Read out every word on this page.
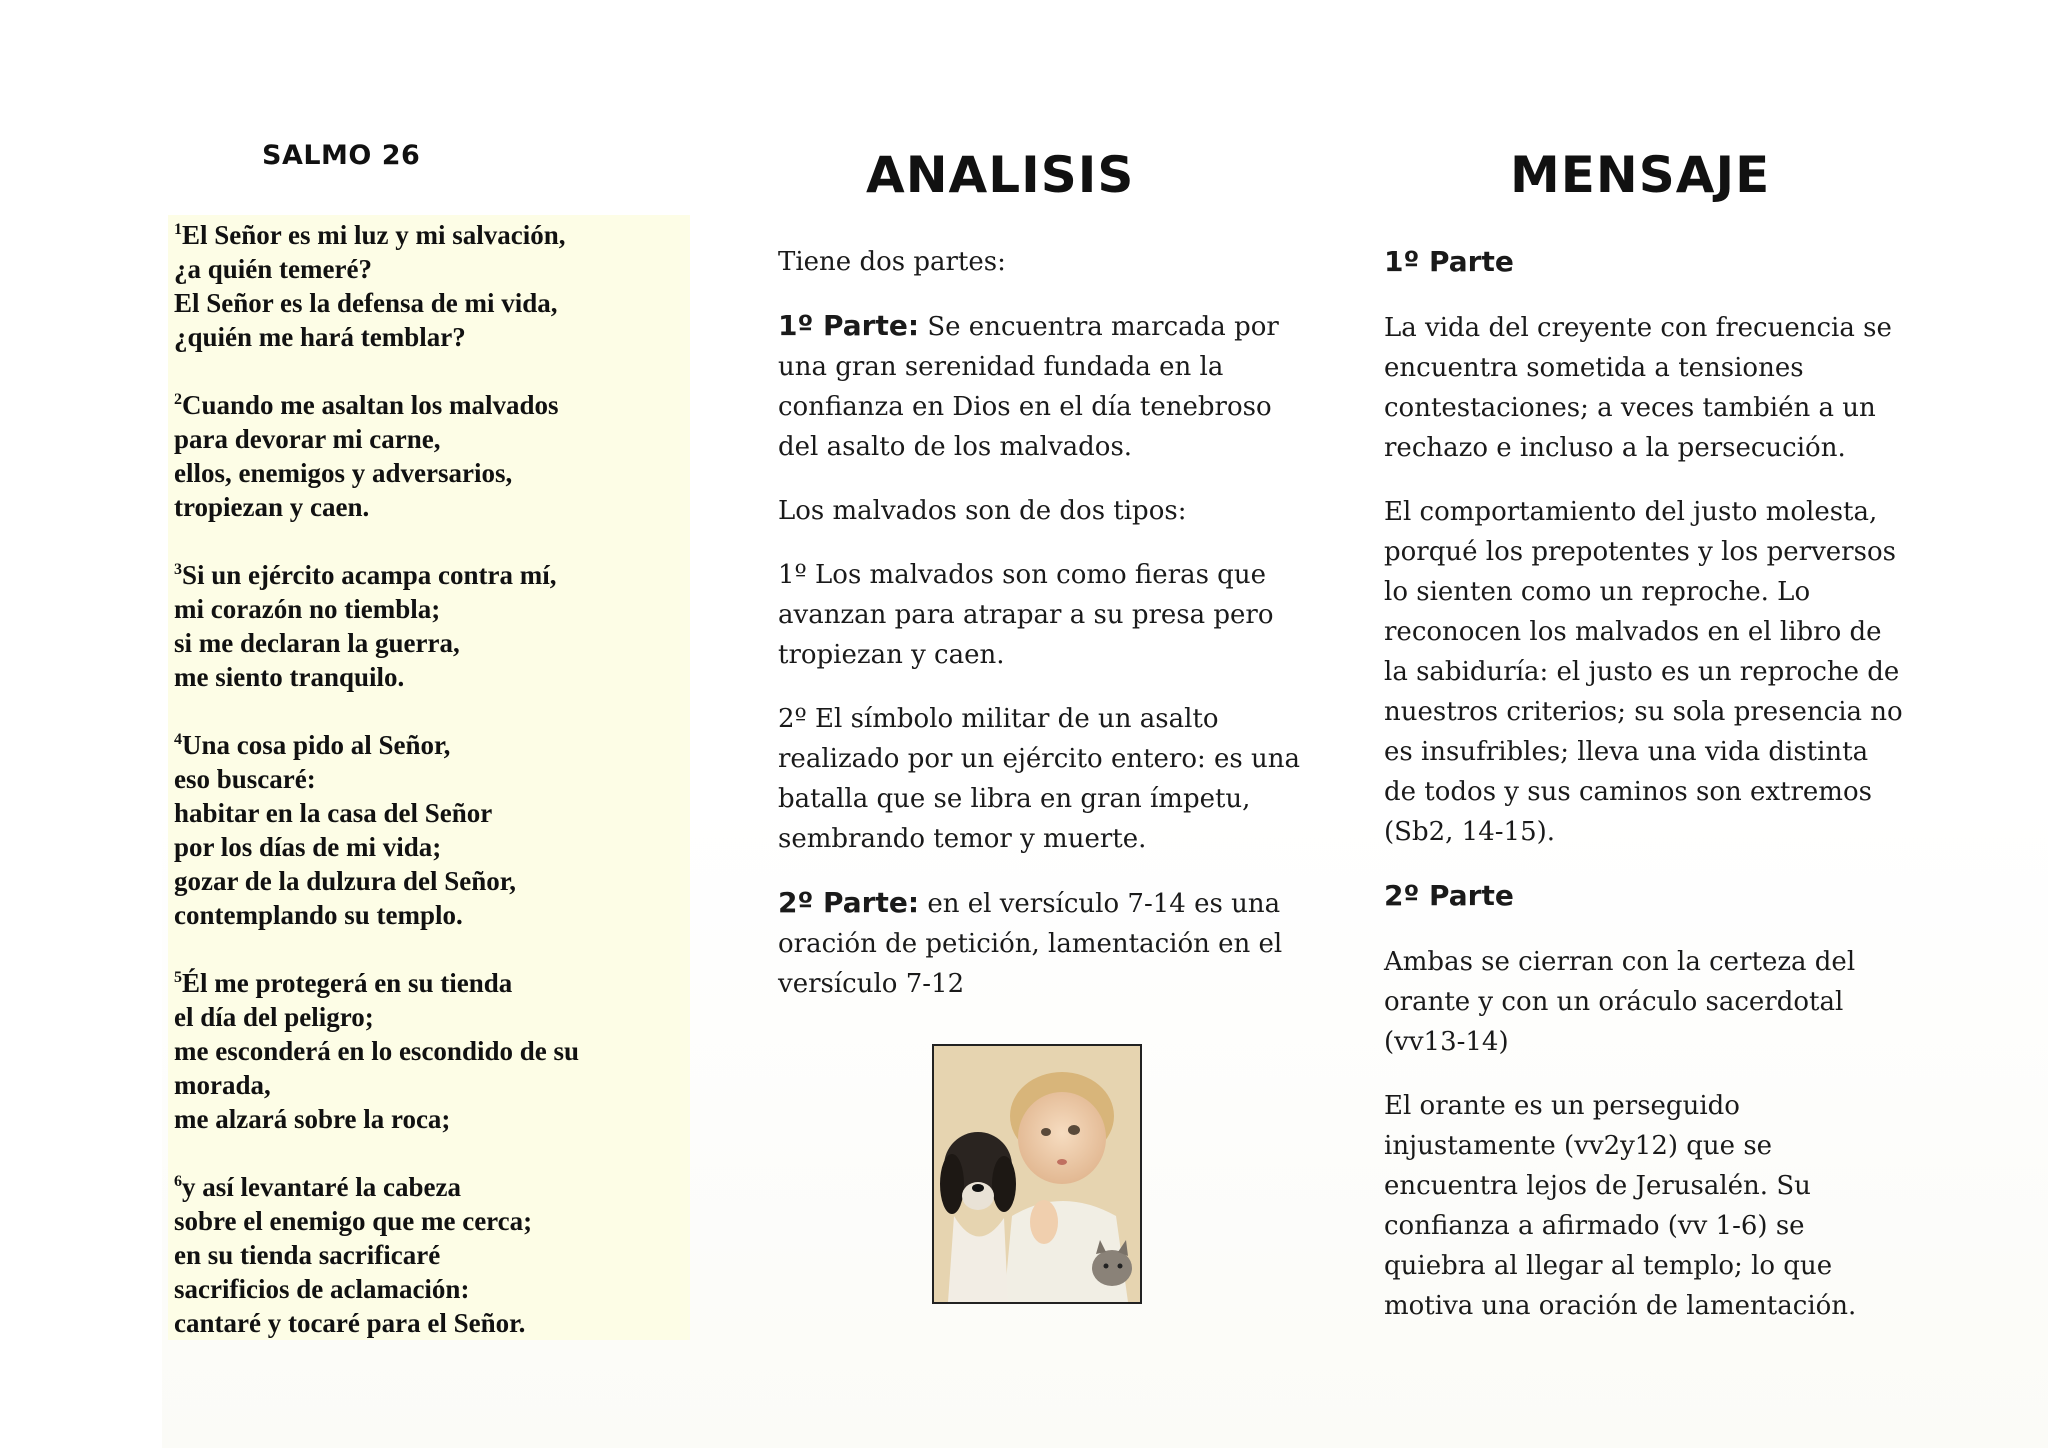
SALMO 26
$^1$El Señor es mi luz y mi salvación,
¿a quién temeré?
El Señor es la defensa de mi vida,
¿quién me hará temblar?
$^2$Cuando me asaltan los malvados
para devorar mi carne,
ellos, enemigos y adversarios,
tropiezan y caen.
$^3$Si un ejército acampa contra mí,
mi corazón no tiembla;
si me declaran la guerra,
me siento tranquilo.
$^4$Una cosa pido al Señor,
eso buscaré:
habitar en la casa del Señor
por los días de mi vida;
gozar de la dulzura del Señor,
contemplando su templo.
$^5$Él me protegerá en su tienda
el día del peligro;
me esconderá en lo escondido de su
morada,
me alzará sobre la roca;
$^6$y así levantaré la cabeza
sobre el enemigo que me cerca;
en su tienda sacrificaré
sacrificios de aclamación:
cantaré y tocaré para el Señor.
ANALISIS

Tiene dos partes:

1º Parte: Se encuentra marcada por una gran serenidad fundada en la confianza en Dios en el día tenebroso del asalto de los malvados.

Los malvados son de dos tipos:

1º Los malvados son como fieras que avanzan para atrapar a su presa pero tropiezan y caen.

2º El símbolo militar de un asalto realizado por un ejército entero: es una batalla que se libra en gran ímpetu, sembrando temor y muerte.

2º Parte: en el versículo 7-14 es una oración de petición, lamentación en el versículo 7-12

MENSAJE
1º Parte

La vida del creyente con frecuencia se encuentra sometida a tensiones contestaciones; a veces también a un rechazo e incluso a la persecución.

El comportamiento del justo molesta, porqué los prepotentes y los perversos lo sienten como un reproche. Lo reconocen los malvados en el libro de la sabiduría: el justo es un reproche de nuestros criterios; su sola presencia no es insufribles; lleva una vida distinta de todos y sus caminos son extremos (Sb2, 14-15).

2º Parte

Ambas se cierran con la certeza del orante y con un oráculo sacerdotal (vv13-14)

El orante es un perseguido injustamente (vv2y12) que se encuentra lejos de Jerusalén. Su confianza a afirmado (vv 1-6) se quiebra al llegar al templo; lo que motiva una oración de lamentación.
